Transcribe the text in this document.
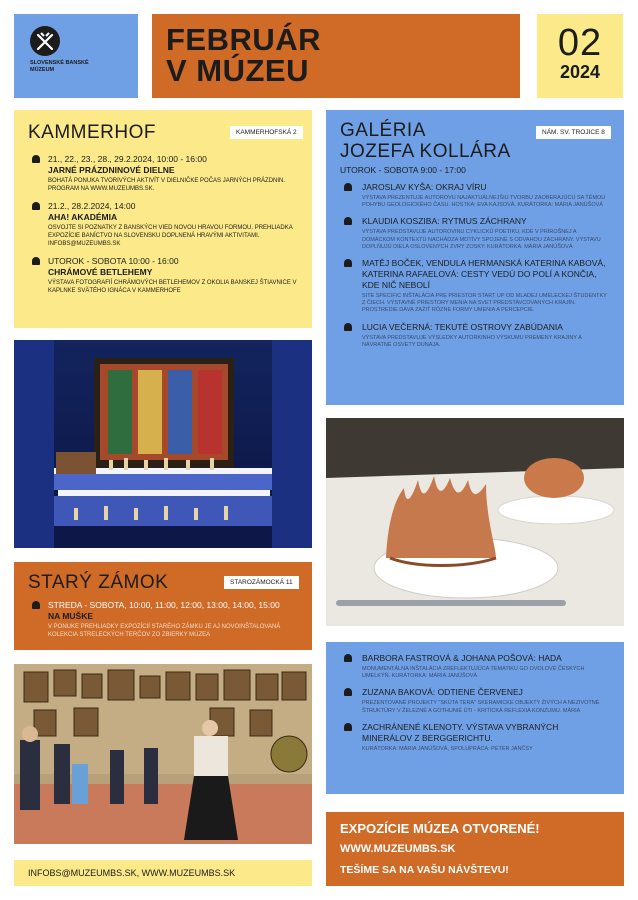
SLOVENSKÉ BANSKÉ MÚZEUM
FEBRUÁR
V MÚZEU
02
2024
KAMMERHOF	KAMMERHOFSKÁ 2
21., 22., 23., 28., 29.2.2024, 10:00 - 16:00
JARNÉ PRÁZDNINOVÉ DIELNE
BOHATÁ PONUKA TVORIVÝCH AKTIVÍT V DIELNIČKE POČAS JARNÝCH PRÁZDNIN. PROGRAM NA WWW.MUZEUMBS.SK.
21.2., 28.2.2024, 14:00
AHA! AKADÉMIA
OSVOJTE SI POZNATKY Z BANSKÝCH VIED NOVOU HRAVOU FORMOU. PREHLIADKA EXPOZÍCIE BANÍCTVO NA SLOVENSKU DOPLNENÁ HRAVÝMI AKTIVITAMI. INFOBS@MUZEUMBS.SK
UTOROK - SOBOTA 10:00 - 16:00
CHRÁMOVÉ BETLEHEMY
VÝSTAVA FOTOGRAFIÍ CHRÁMOVÝCH BETLEHEMOV Z OKOLIA BANSKEJ ŠTIAVNICE V KAPLNKE SVÄTÉHO IGNÁCA V KAMMERHOFE
GALÉRIA
JOZEFA KOLLÁRA
NÁM. SV. TROJICE 8
UTOROK - SOBOTA 9:00 - 17:00
JAROSLAV KYŠA: OKRAJ VÍRU
VÝSTAVA PREZENTUJE AUTOROVU NAJAKTUÁLNEJŠIU TVORBU ZAOBERAJÚCU SA TÉMOU POHYBU GEOLOGICKÉHO ČASU. HOSTKA: EVA KAJSOVÁ, KURÁTORKA: MÁRIA JANÚŠOVÁ
KLAUDIA KOSZIBA: RYTMUS ZÁCHRANY
VÝSTAVA PREDSTAVUJE AUTOROVINU CYKLICKÚ POETIKU, KDE V PRÍROŠNEJ A DOMÁCKOM KONTEXTU NACHÁDZA MOTÍVY SPOJENÉ S ODVAHOU ZÁCHRANY. VÝSTAVU DOPLŇUJÚ DIELA OSLOVENÝCH ZVRY ZOSKY. KURÁTORKA: MÁRIA JANÚŠOVÁ
MATĚJ BOČEK, VENDULA HERMANSKÁ KATERINA KABOVÁ, KATERINA RAFAELOVÁ: CESTY VEDÚ DO POLÍ A KONČIA, KDE NIČ NEBOLÍ
SITE SPECIFIC INŠTALÁCIA PRE PRIESTOR START UP OD MLADEJ UMELECKEJ ŠTUDENTKY Z ČIECH. VÝSTAVNÉ PRIESTORY MENIA NA SVET PREDSTAVCOVANÝCH KRAJÍN. PROSTREDIE DÁVA ZAŽIŤ RÔZNE FORMY UMENIA A PERCEPCIE.
LUCIA VEČERNÁ: TEKUTÉ OSTROVY ZABÚDANIA
VÝSTAVA PREDSTAVUJE VÝSLEDKY AUTORKINHO VÝSKUMU PREMENY KRAJINY A NÁVRATNÉ OSVETY DUNAJA.
STARÝ ZÁMOK	STAROZÁMOCKÁ 11
STREDA - SOBOTA, 10:00, 11:00, 12:00, 13:00, 14:00, 15:00
NA MUŠKE
V PONUKE PREHLIADKY EXPOZÍCIÍ STARÉHO ZÁMKU JE AJ NOVOINŠTALOVANÁ KOLEKCIA STRELECKÝCH TERČOV ZO ZBIERKY MÚZEA
BARBORA FASTROVÁ & JOHANA POŠOVÁ: HADA
MONUMENTÁLNA INŠTALÁCIA ZREFLEKTUJÚCA TEMATIKU GO OVOLOVÉ ČESKÝCH UMELKÝŇ. KURÁTORKA: MÁRIA JANÚŠOVÁ
ZUZANA BAKOVÁ: ODTIENE ČERVENEJ
PREZENTOVANÉ PROJEKTY "SKÚTA TERA" SKERAMICKÉ OBJEKTY ŽIVÝCH A NEZIVOTNÉ ŠTRUKTÚRY V ŽELEZNÉ A GOTHUNIÉ ÚTI - KRITICKÁ REFLEXIA KONZUMU. MÁRIA
ZACHRÁNENÉ KLENOTY. VÝSTAVA VYBRANÝCH MINERÁLOV Z BERGGERICHTU.
KURÁTORKA: MÁRIA JANÚŠOVÁ, SPOLUPRÁCA: PETER JANČSY
INFOBS@MUZEUMBS.SK, WWW.MUZEUMBS.SK
EXPOZÍCIE MÚZEA OTVORENÉ!
WWW.MUZEUMBS.SK
TEŠÍME SA NA VAŠU NÁVŠTEVU!
